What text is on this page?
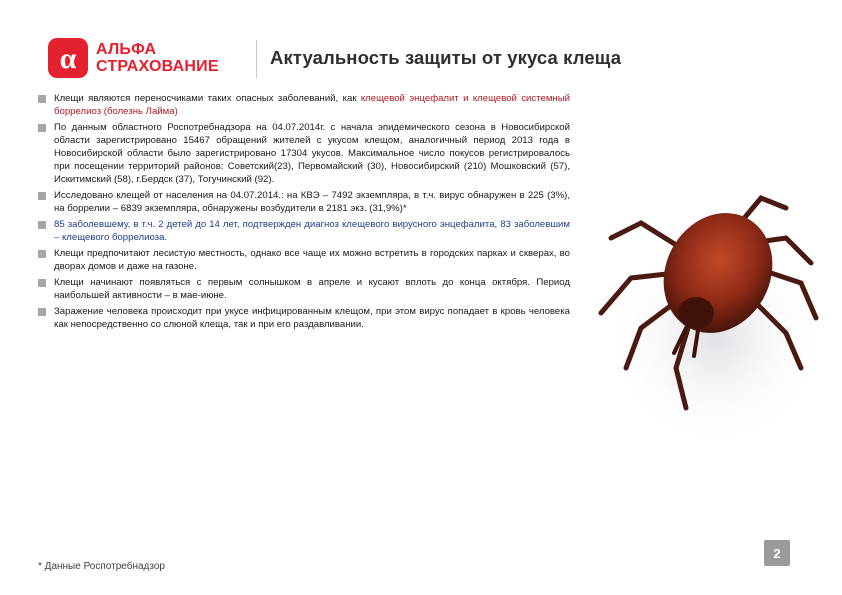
α АЛЬФА
СТРАХОВАНИЕ	Актуальность защиты от укуса клеща
Клещи являются переносчиками таких опасных заболеваний, как клещевой энцефалит и клещевой системный боррелиоз (болезнь Лайма)
По данным областного Роспотребнадзора на 04.07.2014г. с начала эпидемического сезона в Новосибирской области зарегистрировано 15467 обращений жителей с укусом клещом, аналогичный период 2013 года в Новосибирской области было зарегистрировано 17304 укусов. Максимальное число покусов регистрировалось при посещении территорий районов: Советский(23), Первомайский (30), Новосибирский (210) Мошковский (57), Искитимский (58), г.Бердск (37), Тогучинский (92).
Исследовано клещей от населения на 04.07.2014.: на КВЭ – 7492 экземпляра, в т.ч. вирус обнаружен в 225 (3%), на боррелии – 6839 экземпляра, обнаружены возбудители в 2181 экз. (31,9%)*
85 заболевшему, в т.ч. 2 детей до 14 лет, подтвержден диагноз клещевого вирусного энцефалита, 83 заболевшим – клещевого боррелиоза.
Клещи предпочитают лесистую местность, однако все чаще их можно встретить в городских парках и скверах, во дворах домов и даже на газоне.
Клещи начинают появляться с первым солнышком в апреле и кусают вплоть до конца октября. Период наибольшей активности – в мае-июне.
Заражение человека происходит при укусе инфицированным клещом, при этом вирус попадает в кровь человека как непосредственно со слюной клеща, так и при его раздавливании.
* Данные Роспотребнадзор
2
